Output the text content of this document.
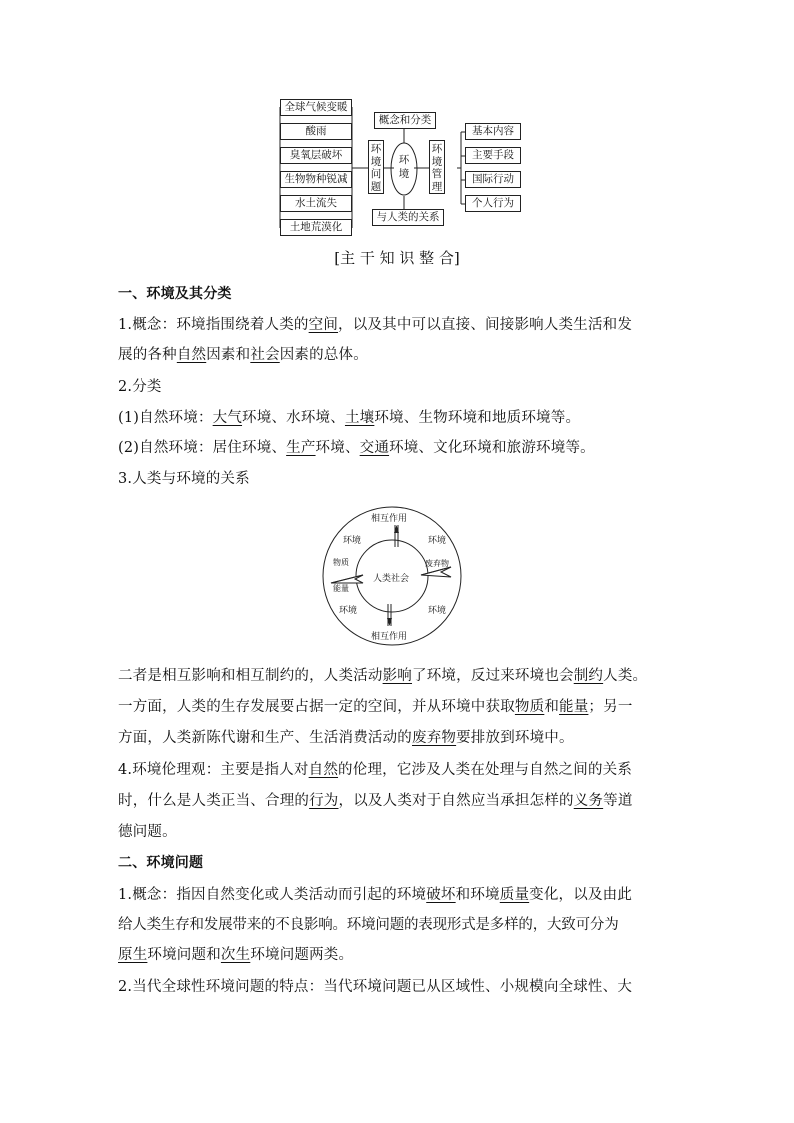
全球气候变暖
酸雨
臭氧层破坏
生物物种锐减
水土流失
土地荒漠化
环境问题
环境
概念和分类
与人类的关系
环境管理
基本内容
主要手段
国际行动
个人行为
[主 干 知 识 整 合]
一、环境及其分类
1.概念：环境指围绕着人类的空间，以及其中可以直接、间接影响人类生活和发
展的各种自然因素和社会因素的总体。
2.分类
(1)自然环境：大气环境、水环境、土壤环境、生物环境和地质环境等。
(2)自然环境：居住环境、生产环境、交通环境、文化环境和旅游环境等。
3.人类与环境的关系
相互作用
相互作用
人类社会
环境	环境
环境	环境
物质
能量
废弃物
二者是相互影响和相互制约的，人类活动影响了环境，反过来环境也会制约人类。
一方面，人类的生存发展要占据一定的空间，并从环境中获取物质和能量；另一
方面，人类新陈代谢和生产、生活消费活动的废弃物要排放到环境中。
4.环境伦理观：主要是指人对自然的伦理，它涉及人类在处理与自然之间的关系
时，什么是人类正当、合理的行为，以及人类对于自然应当承担怎样的义务等道
德问题。
二、环境问题
1.概念：指因自然变化或人类活动而引起的环境破坏和环境质量变化，以及由此
给人类生存和发展带来的不良影响。环境问题的表现形式是多样的，大致可分为
原生环境问题和次生环境问题两类。
2.当代全球性环境问题的特点：当代环境问题已从区域性、小规模向全球性、大
